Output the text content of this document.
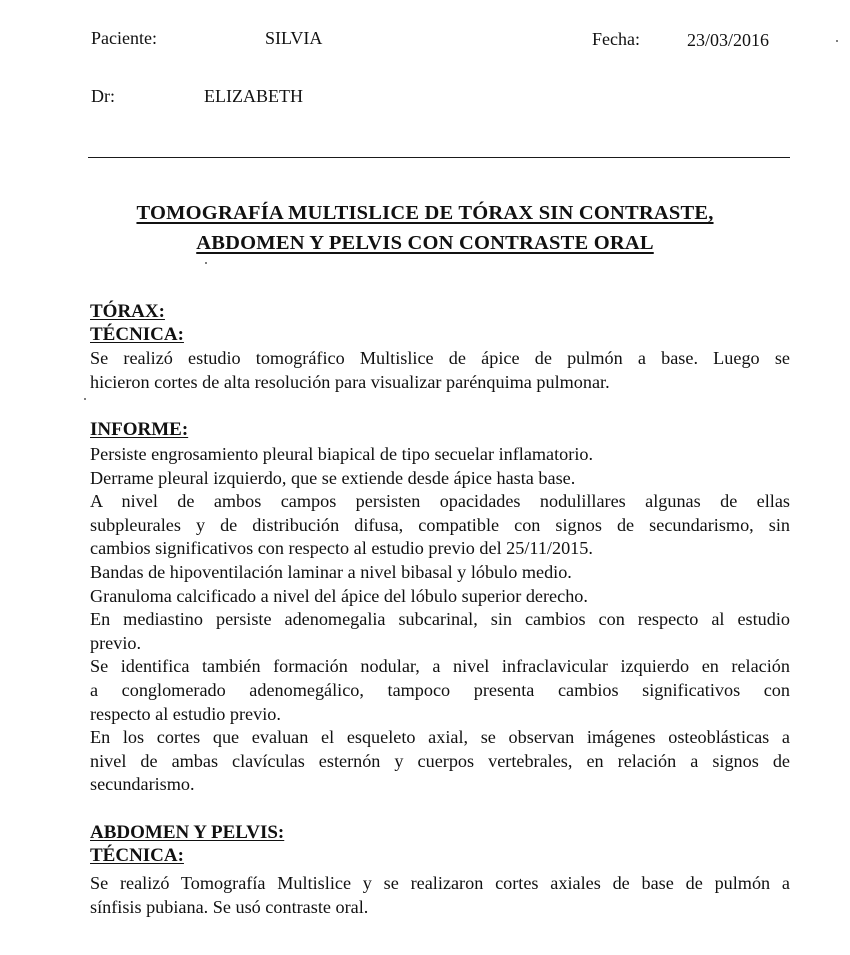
Paciente:	SILVIA	Fecha:	23/03/2016
Dr:	ELIZABETH
TOMOGRAFÍA MULTISLICE DE TÓRAX SIN CONTRASTE,
ABDOMEN Y PELVIS CON CONTRASTE ORAL
TÓRAX:
TÉCNICA:
Se realizó estudio tomográfico Multislice de ápice de pulmón a base. Luego se
hicieron cortes de alta resolución para visualizar parénquima pulmonar.
INFORME:
Persiste engrosamiento pleural biapical de tipo secuelar inflamatorio.
Derrame pleural izquierdo, que se extiende desde ápice hasta base.
A nivel de ambos campos persisten opacidades nodulillares algunas de ellas
subpleurales y de distribución difusa, compatible con signos de secundarismo, sin
cambios significativos con respecto al estudio previo del 25/11/2015.
Bandas de hipoventilación laminar a nivel bibasal y lóbulo medio.
Granuloma calcificado a nivel del ápice del lóbulo superior derecho.
En mediastino persiste adenomegalia subcarinal, sin cambios con respecto al estudio
previo.
Se identifica también formación nodular, a nivel infraclavicular izquierdo en relación
a conglomerado adenomegálico, tampoco presenta cambios significativos con
respecto al estudio previo.
En los cortes que evaluan el esqueleto axial, se observan imágenes osteoblásticas a
nivel de ambas clavículas esternón y cuerpos vertebrales, en relación a signos de
secundarismo.
ABDOMEN Y PELVIS:
TÉCNICA:
Se realizó Tomografía Multislice y se realizaron cortes axiales de base de pulmón a
sínfisis pubiana. Se usó contraste oral.
